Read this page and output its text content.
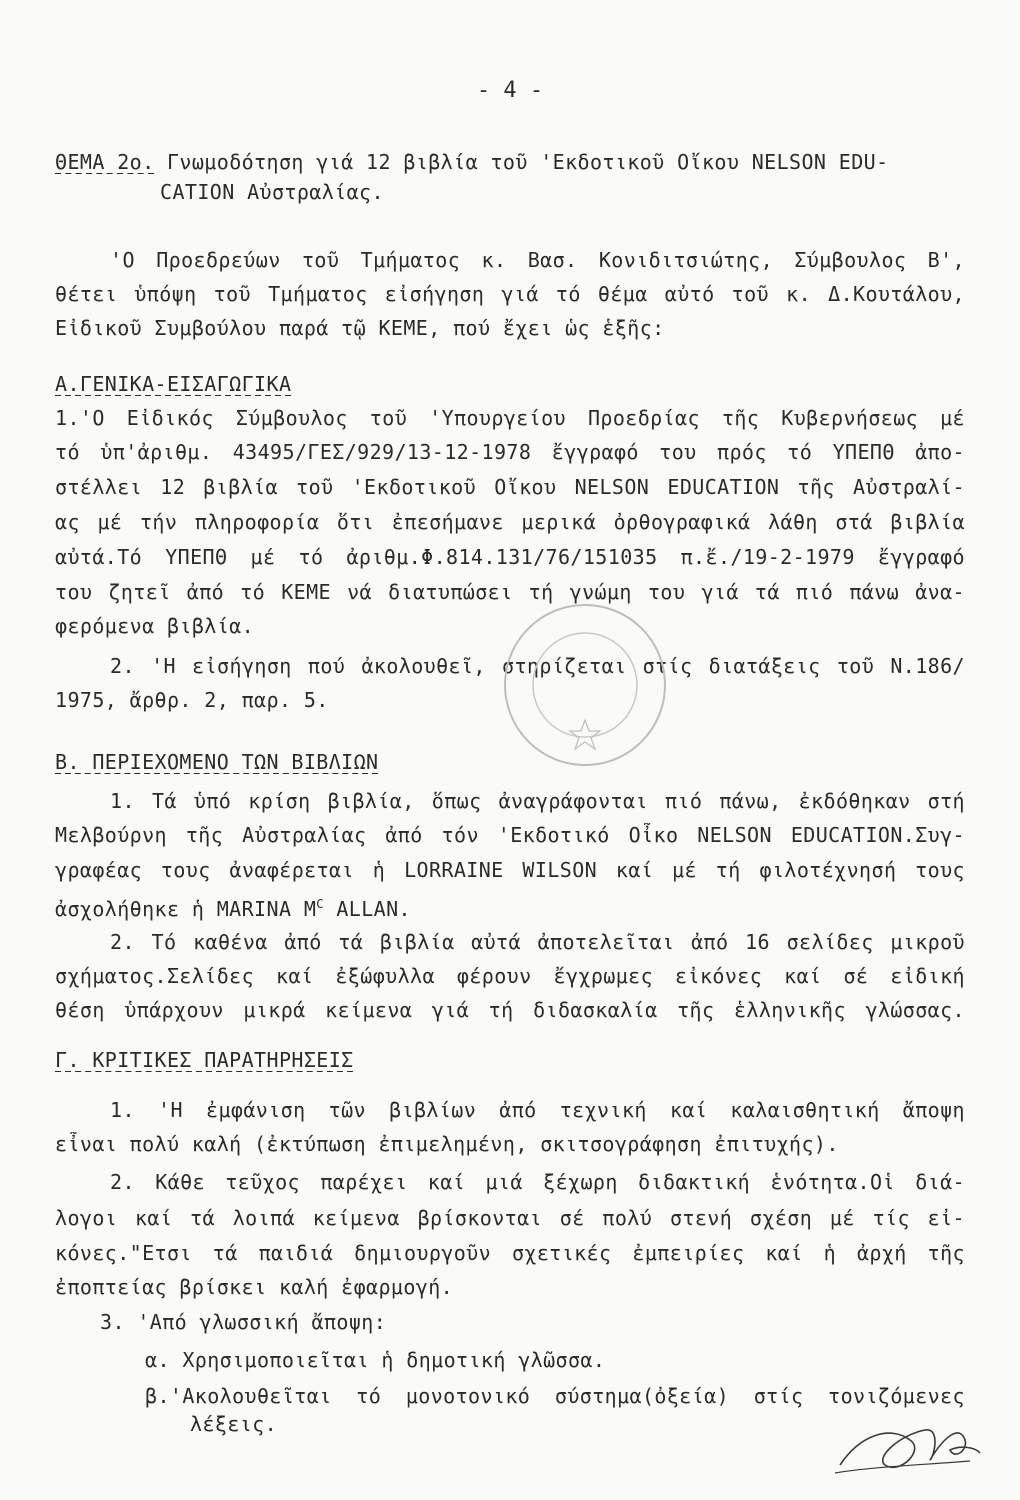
- 4 -
ΘΕΜΑ 2ο. Γνωμοδότηση γιά 12 βιβλία τοῦ 'Εκδοτικοῦ Οἴκου NELSON EDU-
CATION Αὐστραλίας.
'Ο Προεδρεύων τοῦ Τμήματος κ. Βασ. Κονιδιτσιώτης, Σύμβουλος Β',
θέτει ὑπόψη τοῦ Τμήματος εἰσήγηση γιά τό θέμα αὐτό τοῦ κ. Δ.Κουτάλου,
Εἰδικοῦ Συμβούλου παρά τῷ ΚΕΜΕ, πού ἔχει ὡς ἑξῆς:
Α.ΓΕΝΙΚΑ-ΕΙΣΑΓΩΓΙΚΑ
1.'Ο Εἰδικός Σύμβουλος τοῦ 'Υπουργείου Προεδρίας τῆς Κυβερνήσεως μέ
τό ὑπ'ἀριθμ. 43495/ΓΕΣ/929/13-12-1978 ἔγγραφό του πρός τό ΥΠΕΠΘ ἀπο-
στέλλει 12 βιβλία τοῦ 'Εκδοτικοῦ Οἴκου NELSON EDUCATION τῆς Αὐστραλί-
ας μέ τήν πληροφορία ὅτι ἐπεσήμανε μερικά ὀρθογραφικά λάθη στά βιβλία
αὐτά.Τό ΥΠΕΠΘ μέ τό ἀριθμ.Φ.814.131/76/151035 π.ἔ./19-2-1979 ἔγγραφό
του ζητεῖ ἀπό τό ΚΕΜΕ νά διατυπώσει τή γνώμη του γιά τά πιό πάνω ἀνα-
φερόμενα βιβλία.
2. 'Η εἰσήγηση πού ἀκολουθεῖ, στηρίζεται στίς διατάξεις τοῦ Ν.186/
1975, ἄρθρ. 2, παρ. 5.
Β. ΠΕΡΙΕΧΟΜΕΝΟ ΤΩΝ ΒΙΒΛΙΩΝ
1. Τά ὑπό κρίση βιβλία, ὅπως ἀναγράφονται πιό πάνω, ἐκδόθηκαν στή
Μελβούρνη τῆς Αὐστραλίας ἀπό τόν 'Εκδοτικό Οἶκο NELSON EDUCATION.Συγ-
γραφέας τους ἀναφέρεται ἡ LORRAINE WILSON καί μέ τή φιλοτέχνησή τους
ἀσχολήθηκε ἡ MARINA $M^C$ ALLAN.
2. Τό καθένα ἀπό τά βιβλία αὐτά ἀποτελεῖται ἀπό 16 σελίδες μικροῦ
σχήματος.Σελίδες καί ἐξώφυλλα φέρουν ἔγχρωμες εἰκόνες καί σέ εἰδική
θέση ὑπάρχουν μικρά κείμενα γιά τή διδασκαλία τῆς ἑλληνικῆς γλώσσας.
Γ. ΚΡΙΤΙΚΕΣ ΠΑΡΑΤΗΡΗΣΕΙΣ
1. 'Η ἐμφάνιση τῶν βιβλίων ἀπό τεχνική καί καλαισθητική ἄποψη
εἶναι πολύ καλή (ἐκτύπωση ἐπιμελημένη, σκιτσογράφηση ἐπιτυχής).
2. Κάθε τεῦχος παρέχει καί μιά ξέχωρη διδακτική ἑνότητα.Οἱ διά-
λογοι καί τά λοιπά κείμενα βρίσκονται σέ πολύ στενή σχέση μέ τίς εἰ-
κόνες."Ετσι τά παιδιά δημιουργοῦν σχετικές ἐμπειρίες καί ἡ ἀρχή τῆς
ἐποπτείας βρίσκει καλή ἐφαρμογή.
3. 'Από γλωσσική ἄποψη:
α. Χρησιμοποιεῖται ἡ δημοτική γλῶσσα.
β.'Ακολουθεῖται τό μονοτονικό σύστημα(ὀξεία) στίς τονιζόμενες
λέξεις.
